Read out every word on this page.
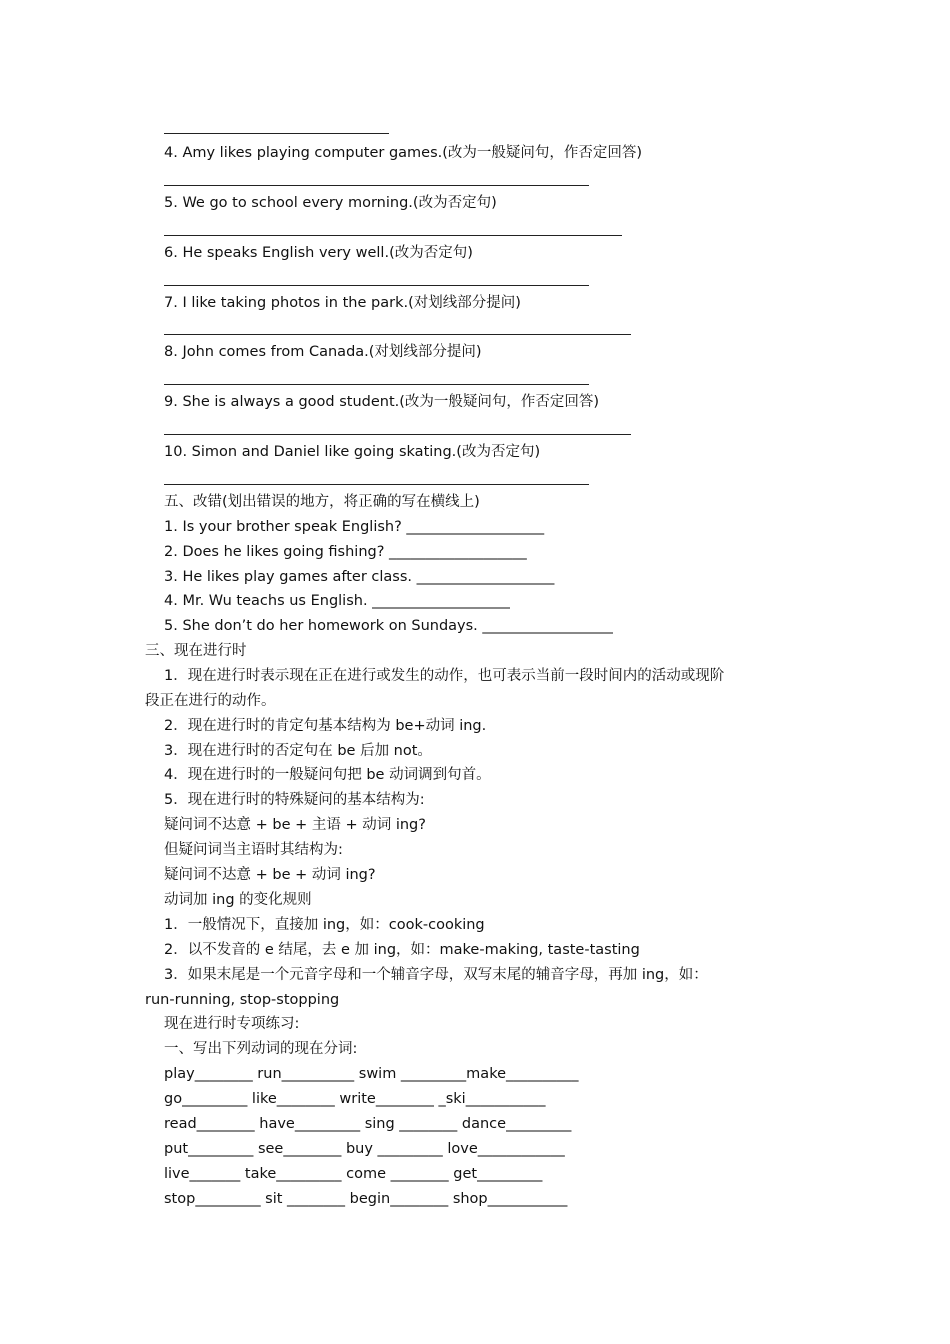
4. Amy likes playing computer games.(改为一般疑问句，作否定回答)
5. We go to school every morning.(改为否定句)
6. He speaks English very well.(改为否定句)
7. I like taking photos in the park.(对划线部分提问)
8. John comes from Canada.(对划线部分提问)
9. She is always a good student.(改为一般疑问句，作否定回答)
10. Simon and Daniel like going skating.(改为否定句)
五、改错(划出错误的地方，将正确的写在横线上)
1. Is your brother speak English? ___________________
2. Does he likes going fishing? ___________________
3. He likes play games after class. ___________________
4. Mr. Wu teachs us English. ___________________
5. She don’t do her homework on Sundays. __________________
三、现在进行时
1．现在进行时表示现在正在进行或发生的动作，也可表示当前一段时间内的活动或现阶
段正在进行的动作。
2．现在进行时的肯定句基本结构为 be+动词 ing.
3．现在进行时的否定句在 be 后加 not。
4．现在进行时的一般疑问句把 be 动词调到句首。
5．现在进行时的特殊疑问的基本结构为:
疑问词不达意 + be + 主语 + 动词 ing?
但疑问词当主语时其结构为:
疑问词不达意 + be + 动词 ing?
动词加 ing 的变化规则
1．一般情况下，直接加 ing，如：cook-cooking
2．以不发音的 e 结尾，去 e 加 ing，如：make-making, taste-tasting
3．如果末尾是一个元音字母和一个辅音字母，双写末尾的辅音字母，再加 ing，如：
run-running, stop-stopping
现在进行时专项练习:
一、写出下列动词的现在分词:
play________ run__________ swim _________make__________
go_________ like________ write________ _ski___________
read________ have_________ sing ________ dance_________
put_________ see________ buy _________ love____________
live_______ take_________ come ________ get_________
stop_________ sit ________ begin________ shop___________
